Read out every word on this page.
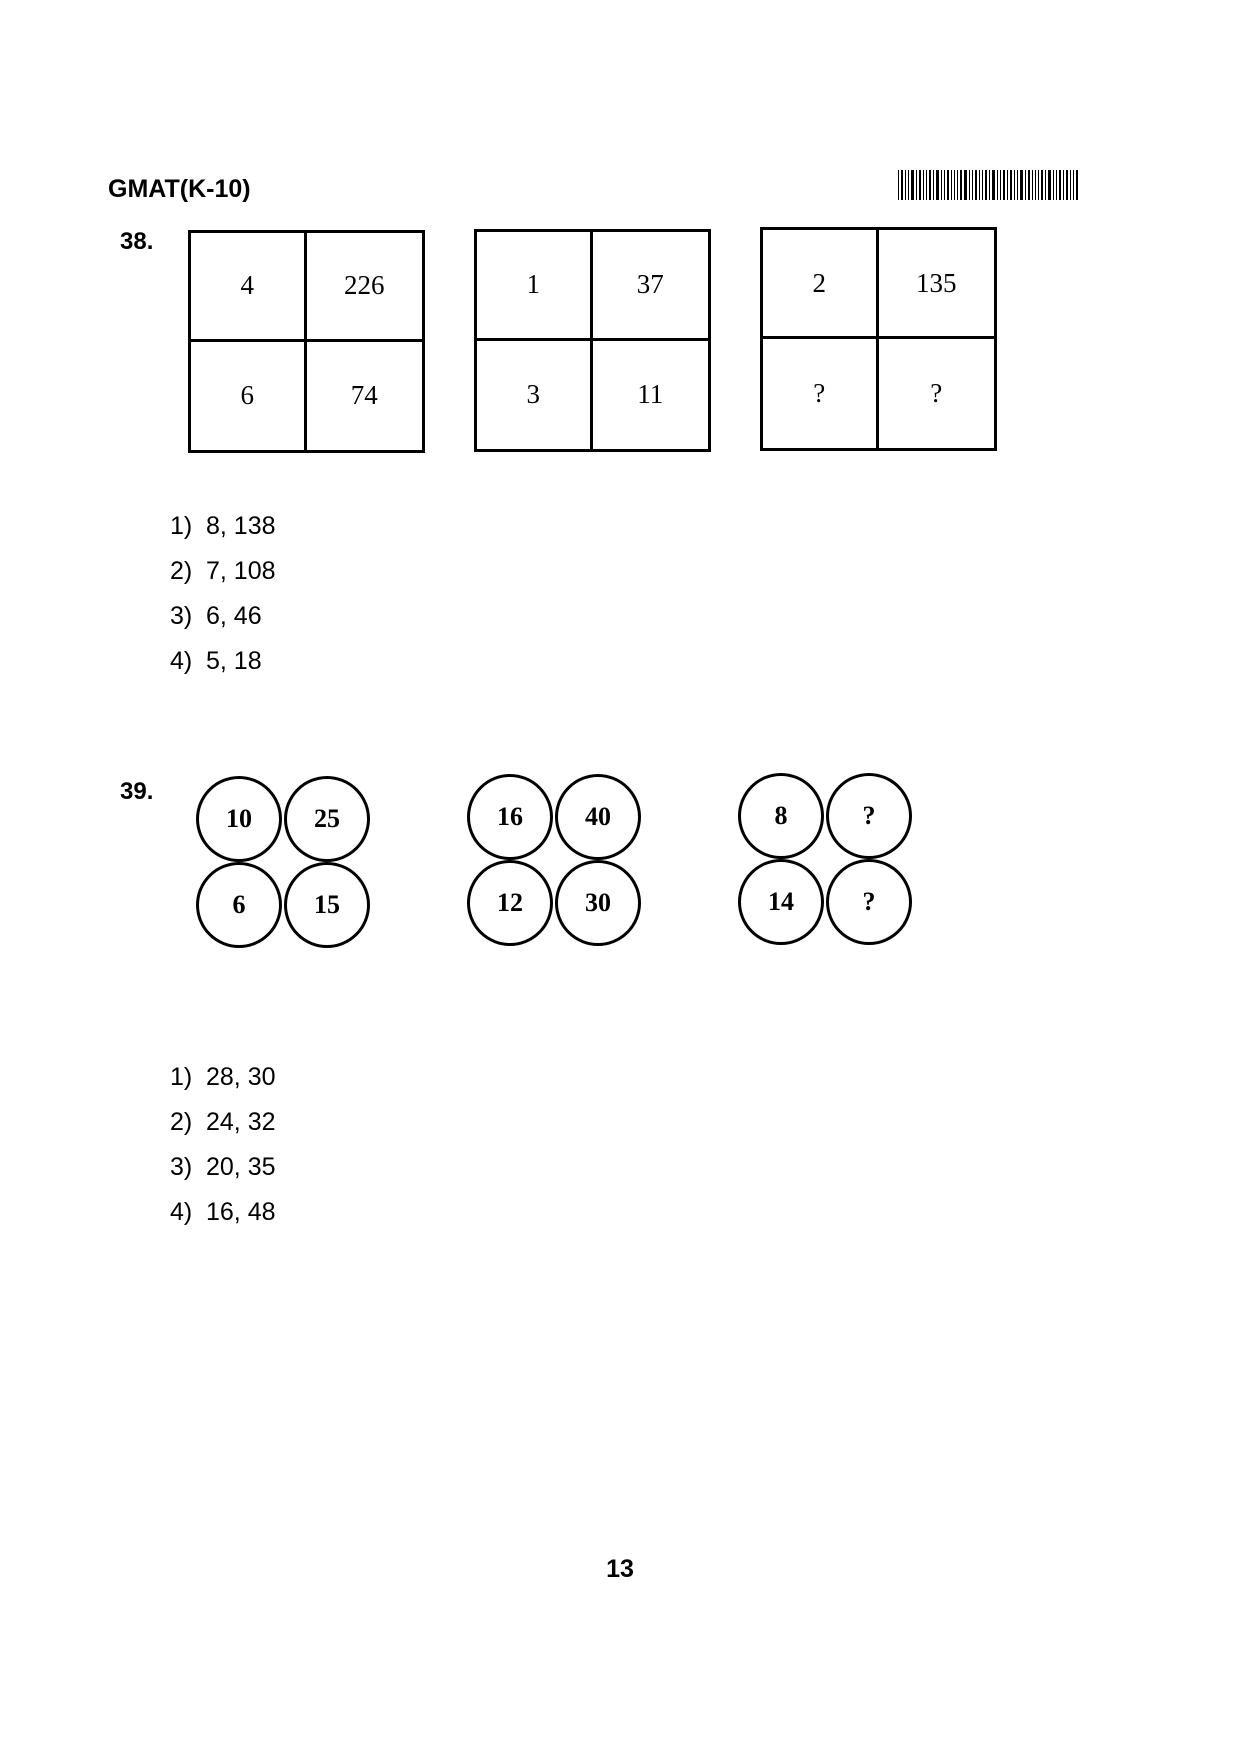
GMAT(K-10)
38.
4	226
6	74
1	37
3	11
2	135
?	?
1) 8, 138
2) 7, 108
3) 6, 46
4) 5, 18
39.
10	25
6	15
16	40
12	30
8	?
14	?
1) 28, 30
2) 24, 32
3) 20, 35
4) 16, 48
13
